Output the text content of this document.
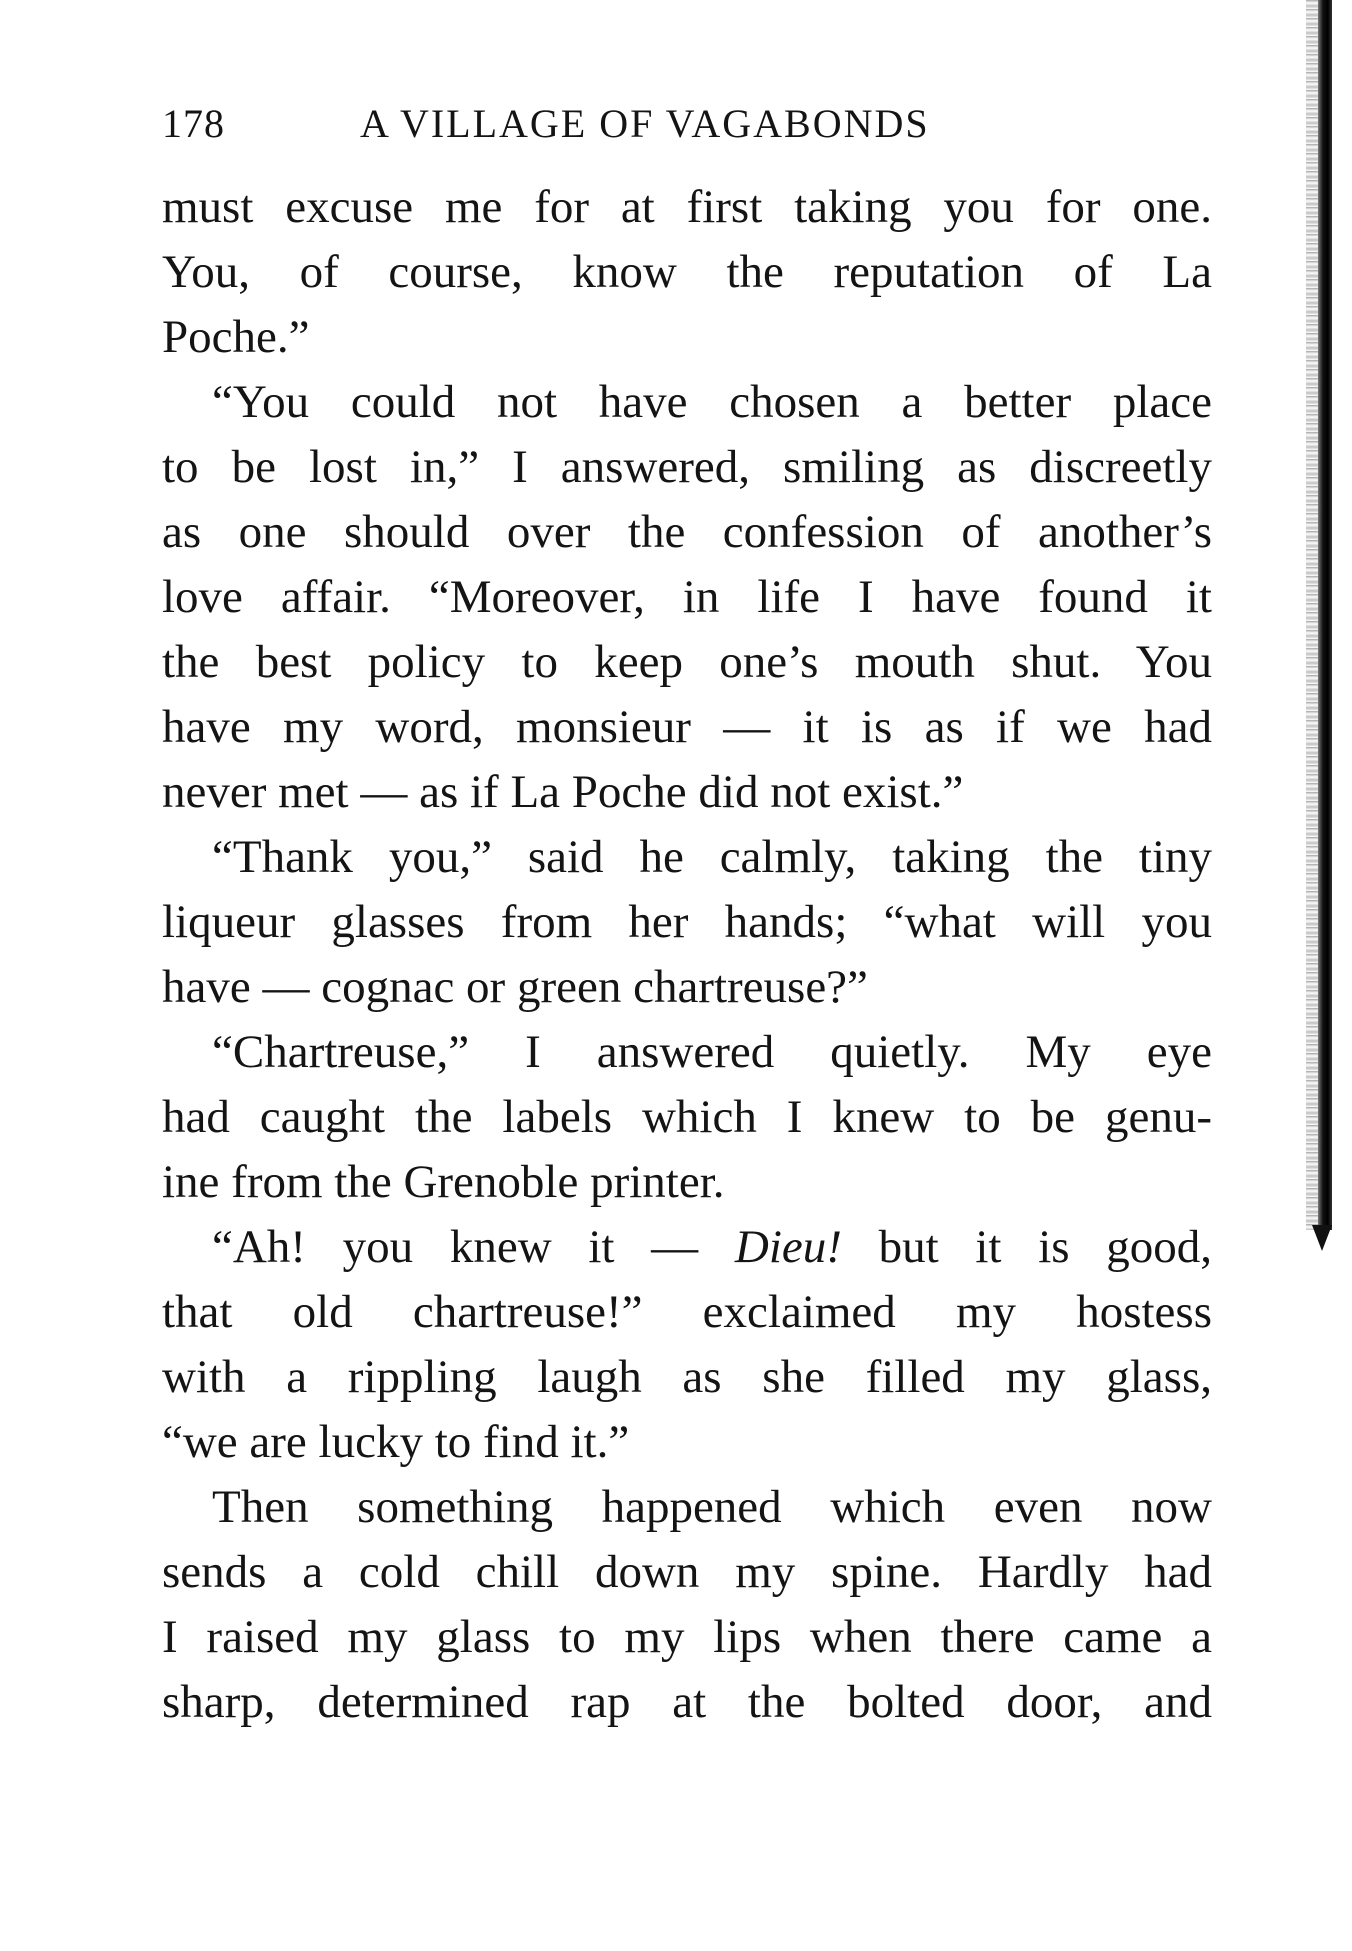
178	A VILLAGE OF VAGABONDS
must excuse me for at first taking you for one.
You, of course, know the reputation of La
Poche.”
“You could not have chosen a better place
to be lost in,” I answered, smiling as discreetly
as one should over the confession of another’s
love affair. “Moreover, in life I have found it
the best policy to keep one’s mouth shut. You
have my word, monsieur — it is as if we had
never met — as if La Poche did not exist.”
“Thank you,” said he calmly, taking the tiny
liqueur glasses from her hands; “what will you
have — cognac or green chartreuse?”
“Chartreuse,” I answered quietly. My eye
had caught the labels which I knew to be genu-
ine from the Grenoble printer.
“Ah! you knew it — Dieu! but it is good,
that old chartreuse!” exclaimed my hostess
with a rippling laugh as she filled my glass,
“we are lucky to find it.”
Then something happened which even now
sends a cold chill down my spine. Hardly had
I raised my glass to my lips when there came a
sharp, determined rap at the bolted door, and
